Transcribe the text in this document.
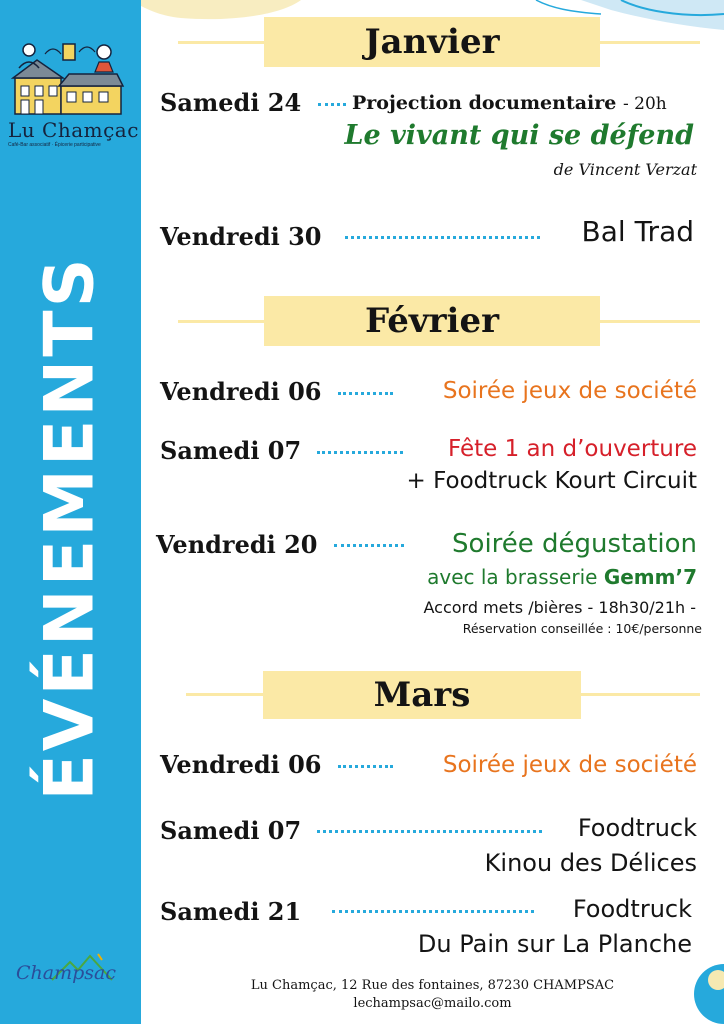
Lu Chamçac
Café-Bar associatif · Épicerie participative
ÉVÉNEMENTS
Champsac
Janvier
Samedi 24	Projection documentaire - 20h
Le vivant qui se défend
de Vincent Verzat
Vendredi 30	Bal Trad
Février
Vendredi 06	Soirée jeux de société
Samedi 07	Fête 1 an d’ouverture
+ Foodtruck Kourt Circuit
Vendredi 20	Soirée dégustation
avec la brasserie Gemm’7
Accord mets /bières - 18h30/21h -
Réservation conseillée : 10€/personne
Mars
Vendredi 06	Soirée jeux de société
Samedi 07	Foodtruck
Kinou des Délices
Samedi 21	Foodtruck
Du Pain sur La Planche
Lu Chamçac, 12 Rue des fontaines, 87230 CHAMPSAC
lechampsac@mailo.com
